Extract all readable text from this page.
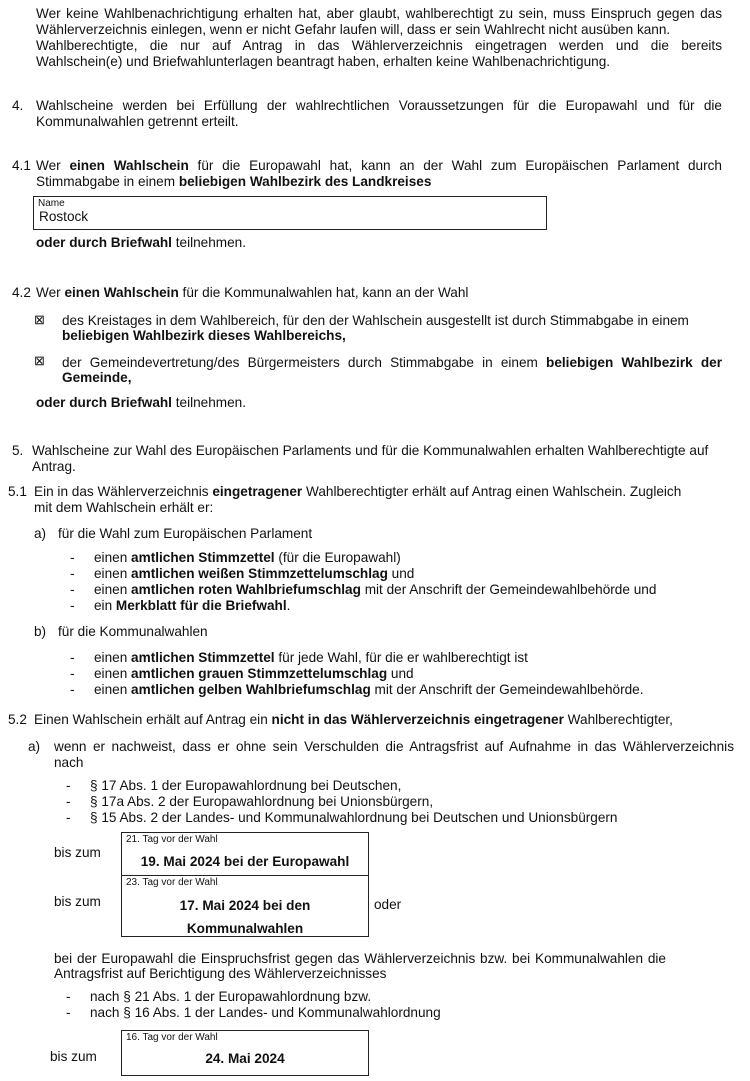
Wer keine Wahlbenachrichtigung erhalten hat, aber glaubt, wahlberechtigt zu sein, muss Einspruch gegen das
Wählerverzeichnis einlegen, wenn er nicht Gefahr laufen will, dass er sein Wahlrecht nicht ausüben kann.
Wahlberechtigte, die nur auf Antrag in das Wählerverzeichnis eingetragen werden und die bereits
Wahlschein(e) und Briefwahlunterlagen beantragt haben, erhalten keine Wahlbenachrichtigung.
4. Wahlscheine werden bei Erfüllung der wahlrechtlichen Voraussetzungen für die Europawahl und für die
Kommunalwahlen getrennt erteilt.
4.1 Wer einen Wahlschein für die Europawahl hat, kann an der Wahl zum Europäischen Parlament durch
Stimmabgabe in einem beliebigen Wahlbezirk des Landkreises
Name
Rostock
oder durch Briefwahl teilnehmen.
4.2 Wer einen Wahlschein für die Kommunalwahlen hat, kann an der Wahl
⊠ des Kreistages in dem Wahlbereich, für den der Wahlschein ausgestellt ist durch Stimmabgabe in einem
beliebigen Wahlbezirk dieses Wahlbereichs,
⊠ der Gemeindevertretung/des Bürgermeisters durch Stimmabgabe in einem beliebigen Wahlbezirk der
Gemeinde,
oder durch Briefwahl teilnehmen.
5. Wahlscheine zur Wahl des Europäischen Parlaments und für die Kommunalwahlen erhalten Wahlberechtigte auf
Antrag.
5.1 Ein in das Wählerverzeichnis eingetragener Wahlberechtigter erhält auf Antrag einen Wahlschein. Zugleich
mit dem Wahlschein erhält er:
a) für die Wahl zum Europäischen Parlament
- einen amtlichen Stimmzettel (für die Europawahl)
- einen amtlichen weißen Stimmzettelumschlag und
- einen amtlichen roten Wahlbriefumschlag mit der Anschrift der Gemeindewahlbehörde und
- ein Merkblatt für die Briefwahl.
b) für die Kommunalwahlen
- einen amtlichen Stimmzettel für jede Wahl, für die er wahlberechtigt ist
- einen amtlichen grauen Stimmzettelumschlag und
- einen amtlichen gelben Wahlbriefumschlag mit der Anschrift der Gemeindewahlbehörde.
5.2 Einen Wahlschein erhält auf Antrag ein nicht in das Wählerverzeichnis eingetragener Wahlberechtigter,
a) wenn er nachweist, dass er ohne sein Verschulden die Antragsfrist auf Aufnahme in das Wählerverzeichnis
nach
- § 17 Abs. 1 der Europawahlordnung bei Deutschen,
- § 17a Abs. 2 der Europawahlordnung bei Unionsbürgern,
- § 15 Abs. 2 der Landes- und Kommunalwahlordnung bei Deutschen und Unionsbürgern
bis zum
21. Tag vor der Wahl
19. Mai 2024 bei der Europawahl
bis zum
23. Tag vor der Wahl
17. Mai 2024 bei den
Kommunalwahlen
oder
bei der Europawahl die Einspruchsfrist gegen das Wählerverzeichnis bzw. bei Kommunalwahlen die
Antragsfrist auf Berichtigung des Wählerverzeichnisses
- nach § 21 Abs. 1 der Europawahlordnung bzw.
- nach § 16 Abs. 1 der Landes- und Kommunalwahlordnung
bis zum
16. Tag vor der Wahl
24. Mai 2024
